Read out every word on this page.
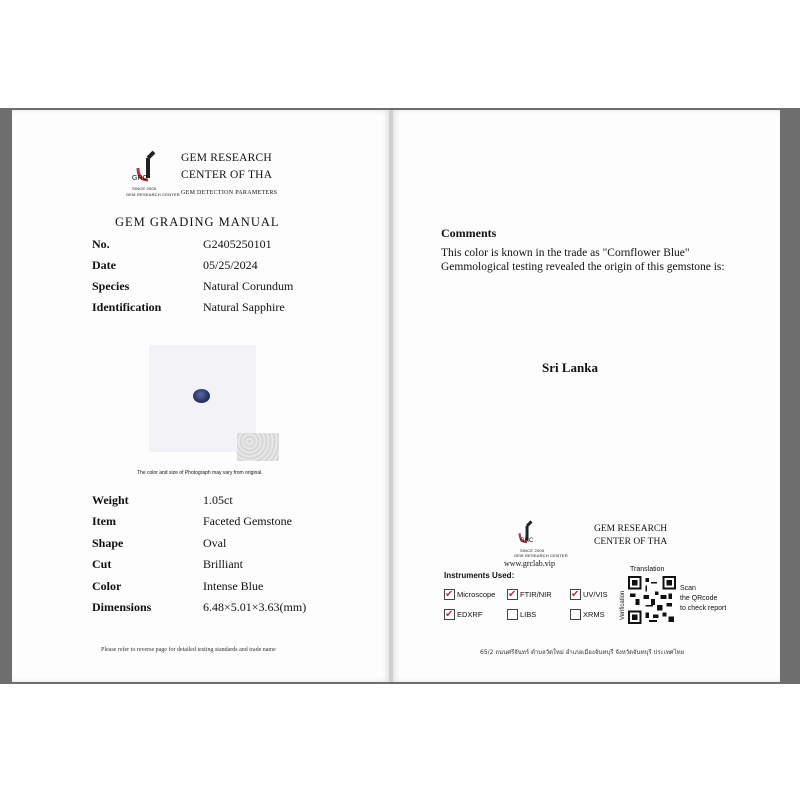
GRC
SINCE 2005
GEM RESEARCH CENTER
GEM RESEARCH
CENTER OF THA
GEM DETECTION PARAMETERS
GEM GRADING MANUAL
No.	G2405250101
Date	05/25/2024
Species	Natural Corundum
Identification	Natural Sapphire
The color and size of Photograph may vary from original.
Weight	1.05ct
Item	Faceted Gemstone
Shape	Oval
Cut	Brilliant
Color	Intense Blue
Dimensions	6.48×5.01×3.63(mm)
Please refer to reverse page for detailed testing standards and trade name
Comments
This color is known in the trade as "Cornflower Blue" Gemmological testing revealed the origin of this gemstone is:
Sri Lanka
GRC
SINCE 2005
GEM RESEARCH CENTER
www.grclab.vip
GEM RESEARCH
CENTER OF THA
Instruments Used:
✔ Microscope ✔ FTIR/NIR ✔ UV/VIS
✔ EDXRF	LIBS	XRMS
Translation
Verification
Scan
the QRcode
to check report
65/2 ถนนศรีจันทร์ ตำบลวัดใหม่ อำเภอเมืองจันทบุรี จังหวัดจันทบุรี ประเทศไทย
